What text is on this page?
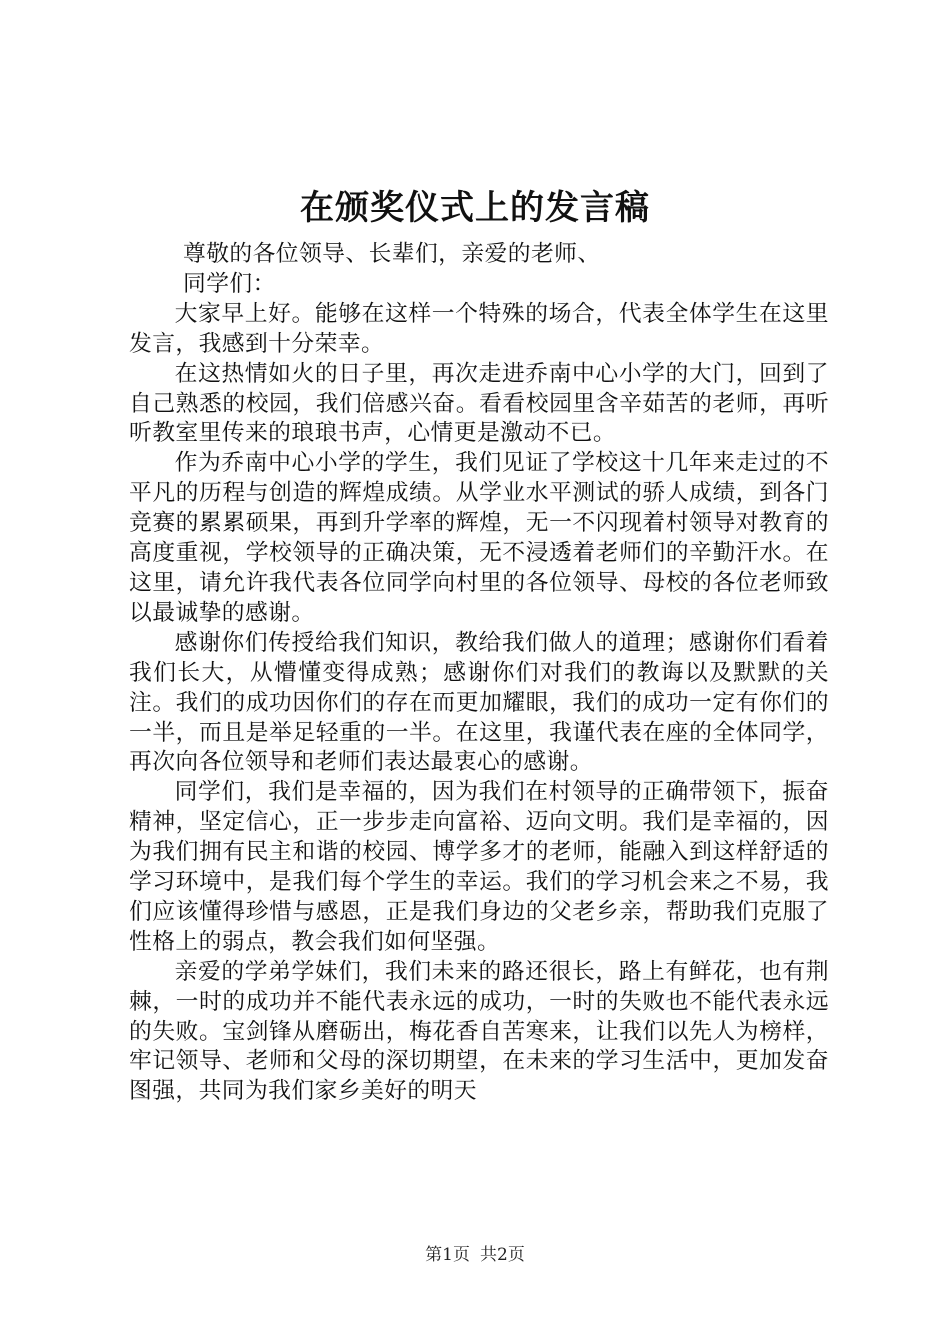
在颁奖仪式上的发言稿

尊敬的各位领导、长辈们，亲爱的老师、

同学们：

大家早上好。能够在这样一个特殊的场合，代表全体学生在这里发言，我感到十分荣幸。

在这热情如火的日子里，再次走进乔南中心小学的大门，回到了自己熟悉的校园，我们倍感兴奋。看看校园里含辛茹苦的老师，再听听教室里传来的琅琅书声，心情更是激动不已。

作为乔南中心小学的学生，我们见证了学校这十几年来走过的不平凡的历程与创造的辉煌成绩。从学业水平测试的骄人成绩，到各门竞赛的累累硕果，再到升学率的辉煌，无一不闪现着村领导对教育的高度重视，学校领导的正确决策，无不浸透着老师们的辛勤汗水。在这里，请允许我代表各位同学向村里的各位领导、母校的各位老师致以最诚挚的感谢。

感谢你们传授给我们知识，教给我们做人的道理；感谢你们看着我们长大，从懵懂变得成熟；感谢你们对我们的教诲以及默默的关注。我们的成功因你们的存在而更加耀眼，我们的成功一定有你们的一半，而且是举足轻重的一半。在这里，我谨代表在座的全体同学，再次向各位领导和老师们表达最衷心的感谢。

同学们，我们是幸福的，因为我们在村领导的正确带领下，振奋精神，坚定信心，正一步步走向富裕、迈向文明。我们是幸福的，因为我们拥有民主和谐的校园、博学多才的老师，能融入到这样舒适的学习环境中，是我们每个学生的幸运。我们的学习机会来之不易，我们应该懂得珍惜与感恩，正是我们身边的父老乡亲，帮助我们克服了性格上的弱点，教会我们如何坚强。

亲爱的学弟学妹们，我们未来的路还很长，路上有鲜花，也有荆棘，一时的成功并不能代表永远的成功，一时的失败也不能代表永远的失败。宝剑锋从磨砺出，梅花香自苦寒来，让我们以先人为榜样，牢记领导、老师和父母的深切期望，在未来的学习生活中，更加发奋图强，共同为我们家乡美好的明天

第1页 共2页
